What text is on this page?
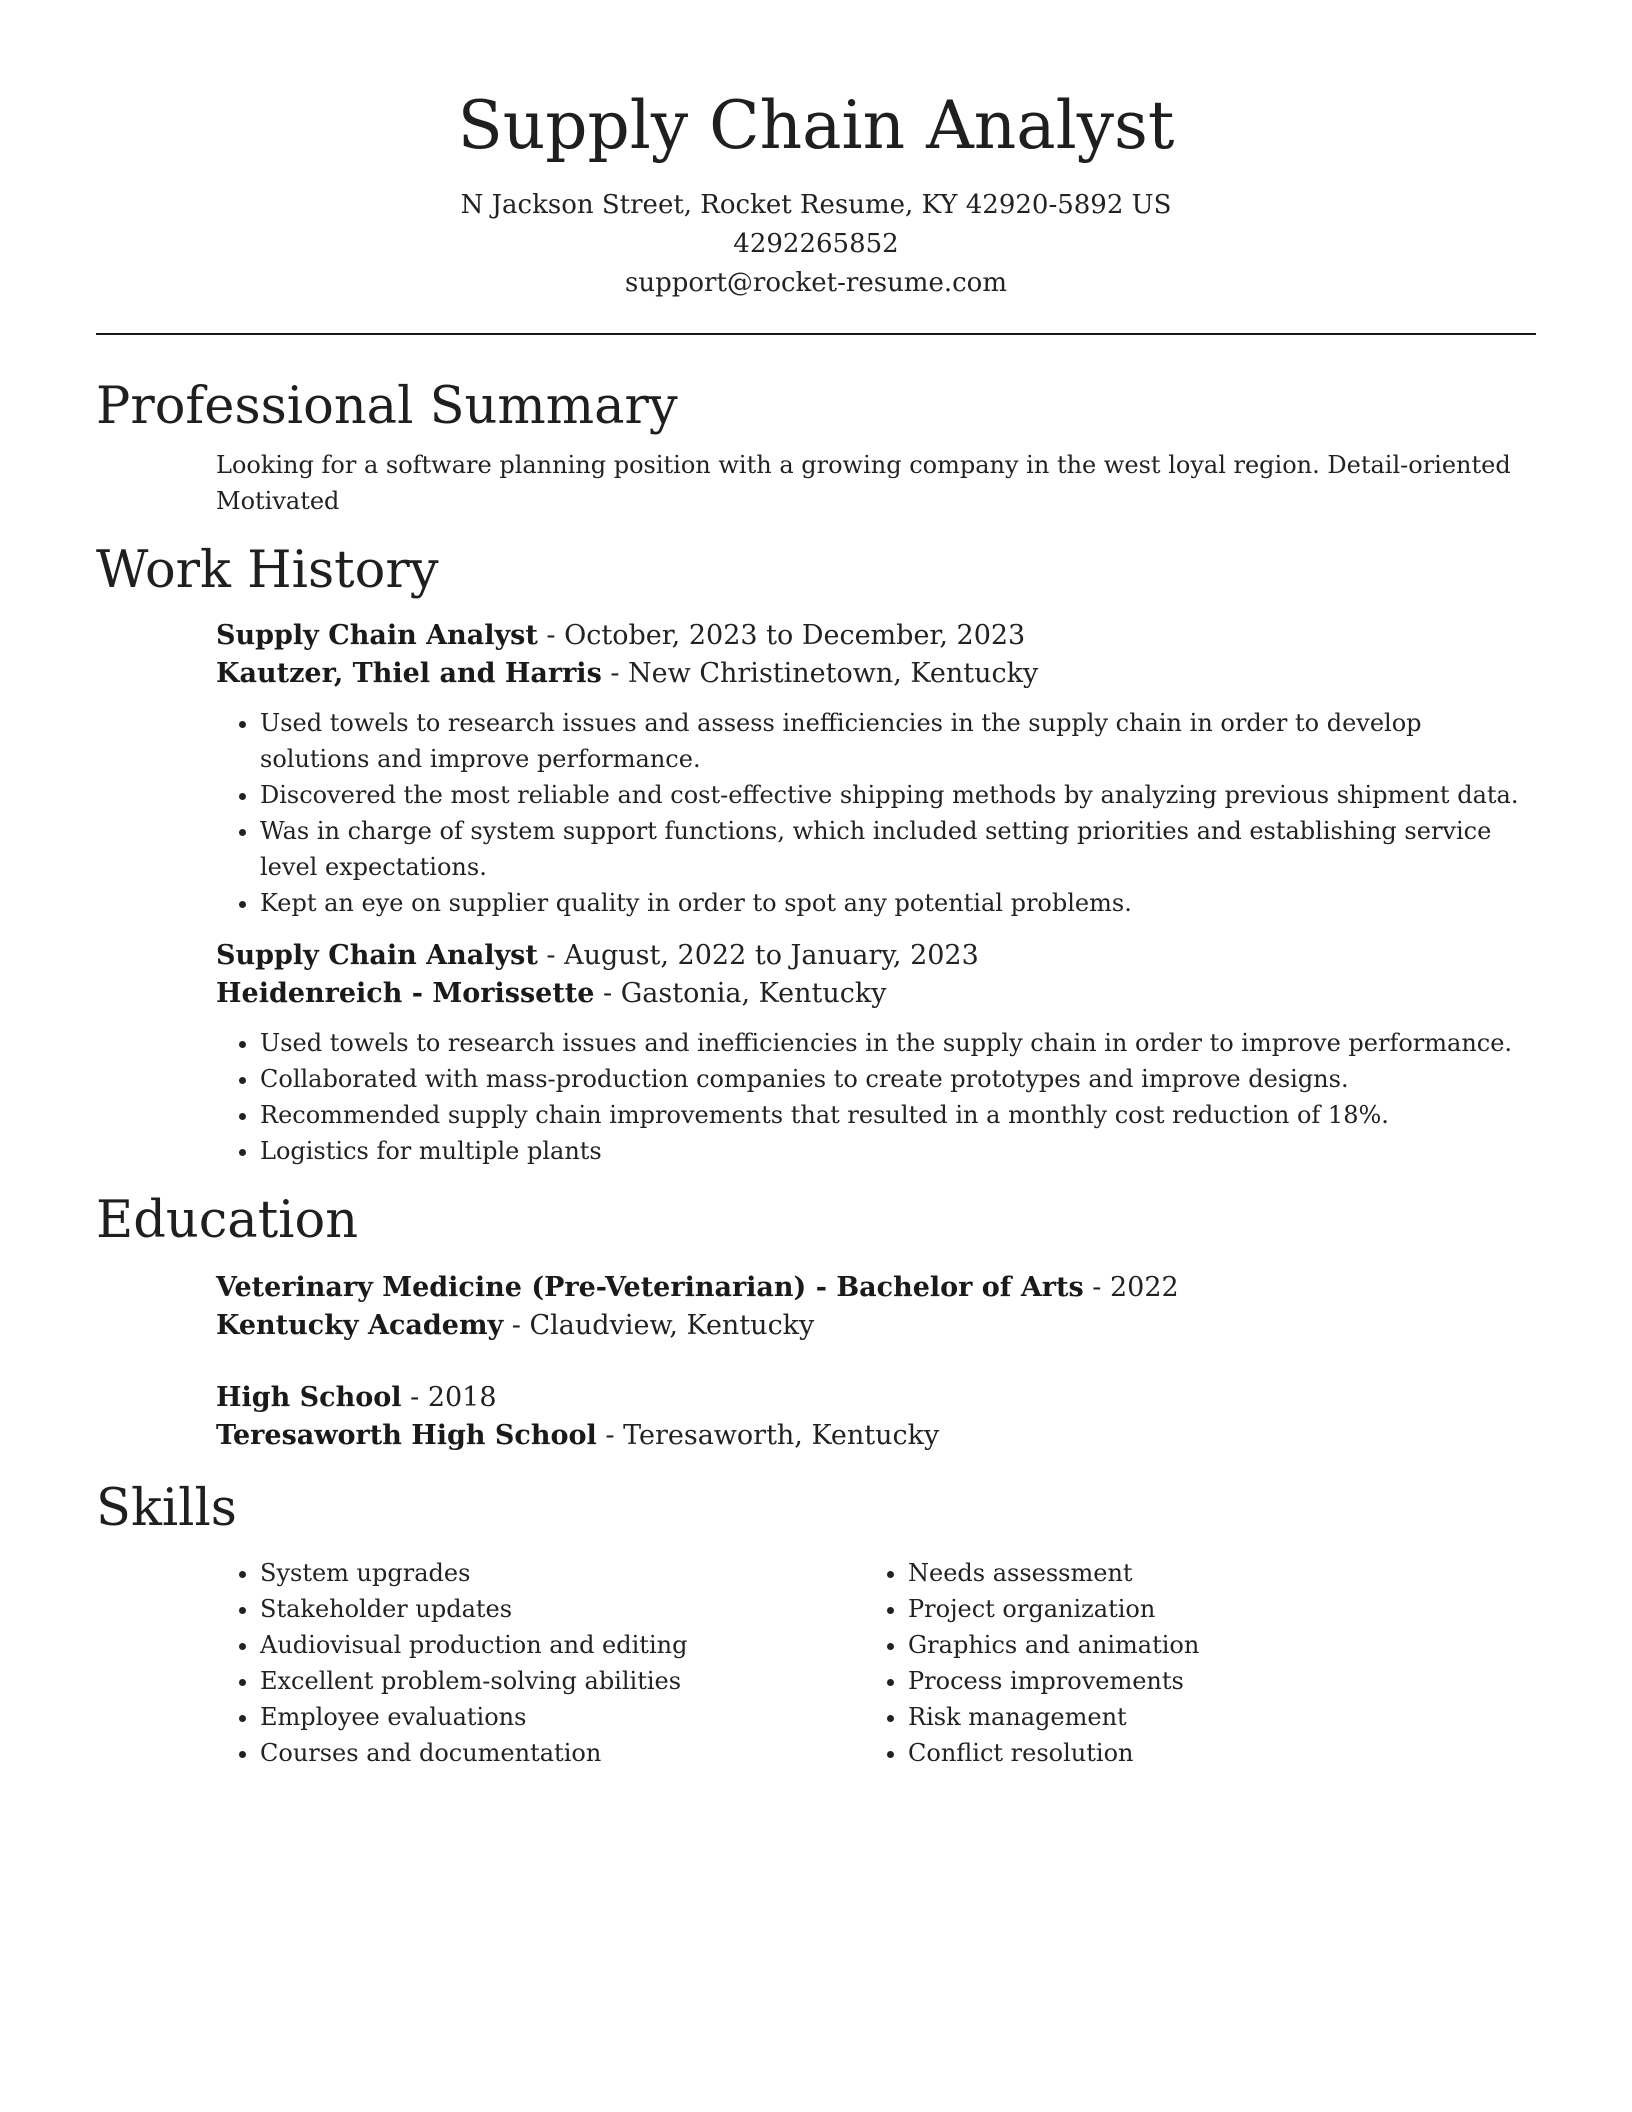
Supply Chain Analyst
N Jackson Street, Rocket Resume, KY 42920-5892 US
4292265852
support@rocket-resume.com
Professional Summary
Looking for a software planning position with a growing company in the west loyal region. Detail-oriented Motivated
Work History
Supply Chain Analyst - October, 2023 to December, 2023
Kautzer, Thiel and Harris - New Christinetown, Kentucky
• Used towels to research issues and assess inefficiencies in the supply chain in order to develop solutions and improve performance.
• Discovered the most reliable and cost-effective shipping methods by analyzing previous shipment data.
• Was in charge of system support functions, which included setting priorities and establishing service level expectations.
• Kept an eye on supplier quality in order to spot any potential problems.
Supply Chain Analyst - August, 2022 to January, 2023
Heidenreich - Morissette - Gastonia, Kentucky
• Used towels to research issues and inefficiencies in the supply chain in order to improve performance.
• Collaborated with mass-production companies to create prototypes and improve designs.
• Recommended supply chain improvements that resulted in a monthly cost reduction of 18%.
• Logistics for multiple plants
Education
Veterinary Medicine (Pre-Veterinarian) - Bachelor of Arts - 2022
Kentucky Academy - Claudview, Kentucky
High School - 2018
Teresaworth High School - Teresaworth, Kentucky
Skills
• System upgrades
• Stakeholder updates
• Audiovisual production and editing
• Excellent problem-solving abilities
• Employee evaluations
• Courses and documentation
• Needs assessment
• Project organization
• Graphics and animation
• Process improvements
• Risk management
• Conflict resolution
